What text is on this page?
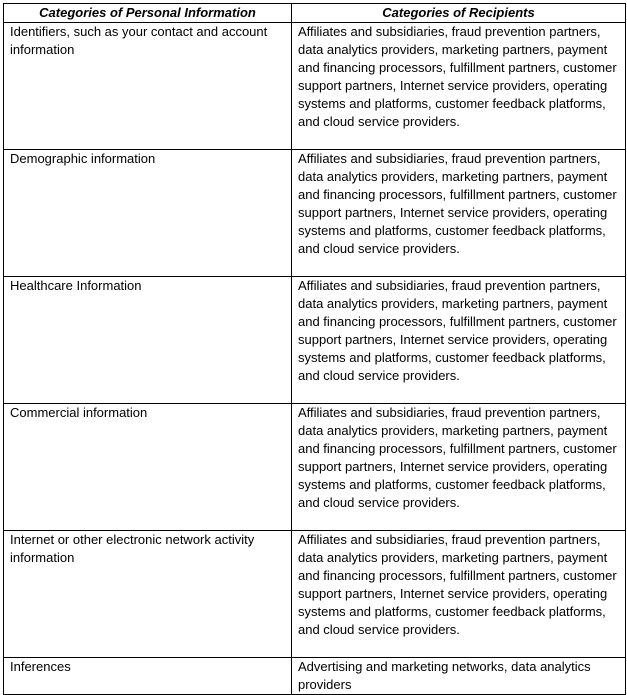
Categories of Personal Information	Categories of Recipients
Identifiers, such as your contact and account information	Affiliates and subsidiaries, fraud prevention partners, data analytics providers, marketing partners, payment and financing processors, fulfillment partners, customer support partners, Internet service providers, operating systems and platforms, customer feedback platforms, and cloud service providers.
Demographic information	Affiliates and subsidiaries, fraud prevention partners, data analytics providers, marketing partners, payment and financing processors, fulfillment partners, customer support partners, Internet service providers, operating systems and platforms, customer feedback platforms, and cloud service providers.
Healthcare Information	Affiliates and subsidiaries, fraud prevention partners, data analytics providers, marketing partners, payment and financing processors, fulfillment partners, customer support partners, Internet service providers, operating systems and platforms, customer feedback platforms, and cloud service providers.
Commercial information	Affiliates and subsidiaries, fraud prevention partners, data analytics providers, marketing partners, payment and financing processors, fulfillment partners, customer support partners, Internet service providers, operating systems and platforms, customer feedback platforms, and cloud service providers.
Internet or other electronic network activity information	Affiliates and subsidiaries, fraud prevention partners, data analytics providers, marketing partners, payment and financing processors, fulfillment partners, customer support partners, Internet service providers, operating systems and platforms, customer feedback platforms, and cloud service providers.
Inferences	Advertising and marketing networks, data analytics providers
